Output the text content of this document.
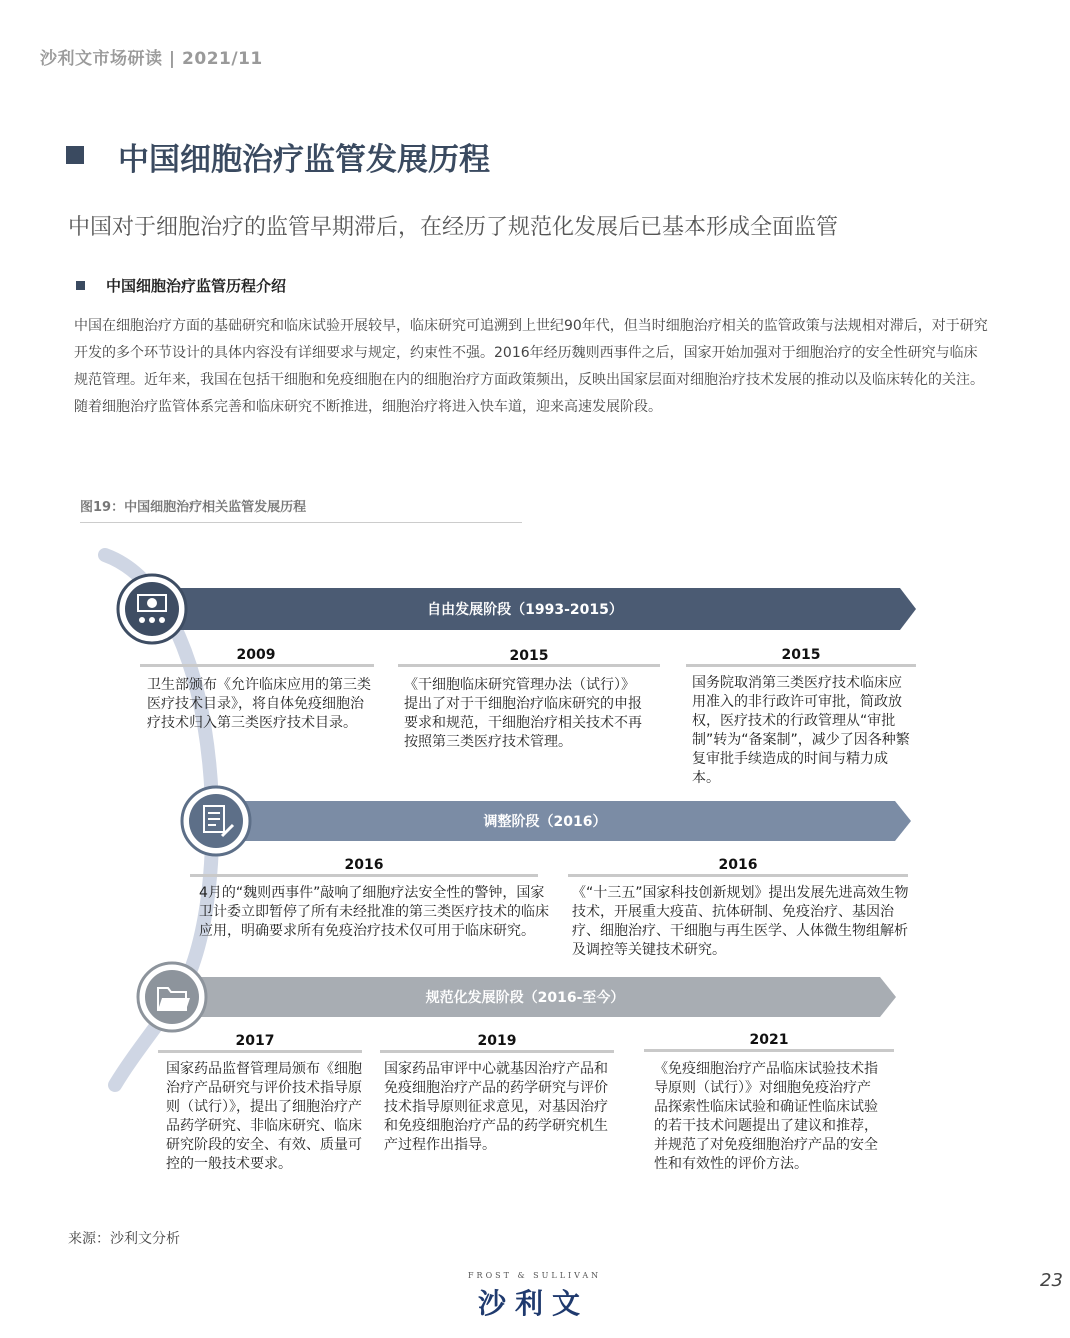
沙利文市场研读 | 2021/11
中国细胞治疗监管发展历程
中国对于细胞治疗的监管早期滞后，在经历了规范化发展后已基本形成全面监管
中国细胞治疗监管历程介绍
中国在细胞治疗方面的基础研究和临床试验开展较早，临床研究可追溯到上世纪90年代，但当时细胞治疗相关的监管政策与法规相对滞后，对于研究开发的多个环节设计的具体内容没有详细要求与规定，约束性不强。2016年经历魏则西事件之后，国家开始加强对于细胞治疗的安全性研究与临床规范管理。近年来，我国在包括干细胞和免疫细胞在内的细胞治疗方面政策频出，反映出国家层面对细胞治疗技术发展的推动以及临床转化的关注。随着细胞治疗监管体系完善和临床研究不断推进，细胞治疗将进入快车道，迎来高速发展阶段。
图19：中国细胞治疗相关监管发展历程
自由发展阶段（1993-2015）
调整阶段（2016）
规范化发展阶段（2016-至今）
2009
卫生部颁布《允许临床应用的第三类医疗技术目录》，将自体免疫细胞治疗技术归入第三类医疗技术目录。
2015
《干细胞临床研究管理办法（试行）》提出了对于干细胞治疗临床研究的申报要求和规范，干细胞治疗相关技术不再按照第三类医疗技术管理。
2015
国务院取消第三类医疗技术临床应用准入的非行政许可审批，简政放权，医疗技术的行政管理从“审批制”转为“备案制”，减少了因各种繁复审批手续造成的时间与精力成本。
2016
4月的“魏则西事件”敲响了细胞疗法安全性的警钟，国家卫计委立即暂停了所有未经批准的第三类医疗技术的临床应用，明确要求所有免疫治疗技术仅可用于临床研究。
2016
《“十三五”国家科技创新规划》提出发展先进高效生物技术，开展重大疫苗、抗体研制、免疫治疗、基因治疗、细胞治疗、干细胞与再生医学、人体微生物组解析及调控等关键技术研究。
2017
国家药品监督管理局颁布《细胞治疗产品研究与评价技术指导原则（试行）》，提出了细胞治疗产品药学研究、非临床研究、临床研究阶段的安全、有效、质量可控的一般技术要求。
2019
国家药品审评中心就基因治疗产品和免疫细胞治疗产品的药学研究与评价技术指导原则征求意见，对基因治疗和免疫细胞治疗产品的药学研究机生产过程作出指导。
2021
《免疫细胞治疗产品临床试验技术指导原则（试行）》对细胞免疫治疗产品探索性临床试验和确证性临床试验的若干技术问题提出了建议和推荐，并规范了对免疫细胞治疗产品的安全性和有效性的评价方法。
来源：沙利文分析
FROST & SULLIVAN
沙利文
23
